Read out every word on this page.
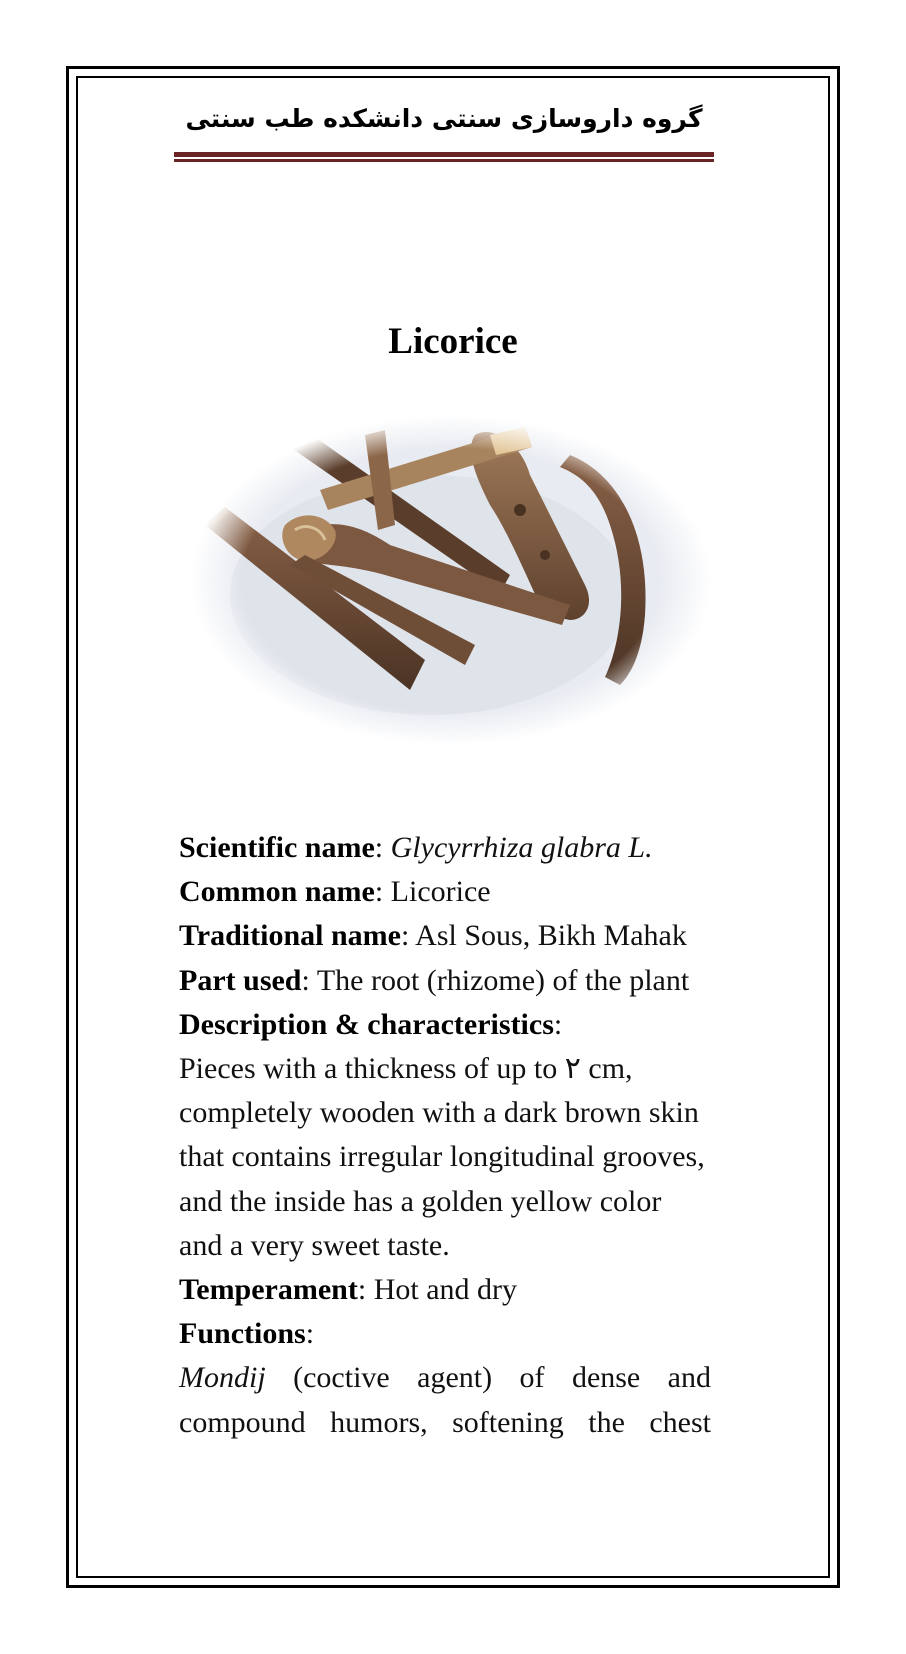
گروه داروسازی سنتی دانشکده طب سنتی
Licorice

Scientific name: Glycyrrhiza glabra L.

Common name: Licorice

Traditional name: Asl Sous, Bikh Mahak

Part used: The root (rhizome) of the plant

Description & characteristics:

Pieces with a thickness of up to ۲ cm, completely wooden with a dark brown skin that contains irregular longitudinal grooves, and the inside has a golden yellow color and a very sweet taste.

Temperament: Hot and dry

Functions:

Mondij (coctive agent) of dense and

compound humors, softening the chest
